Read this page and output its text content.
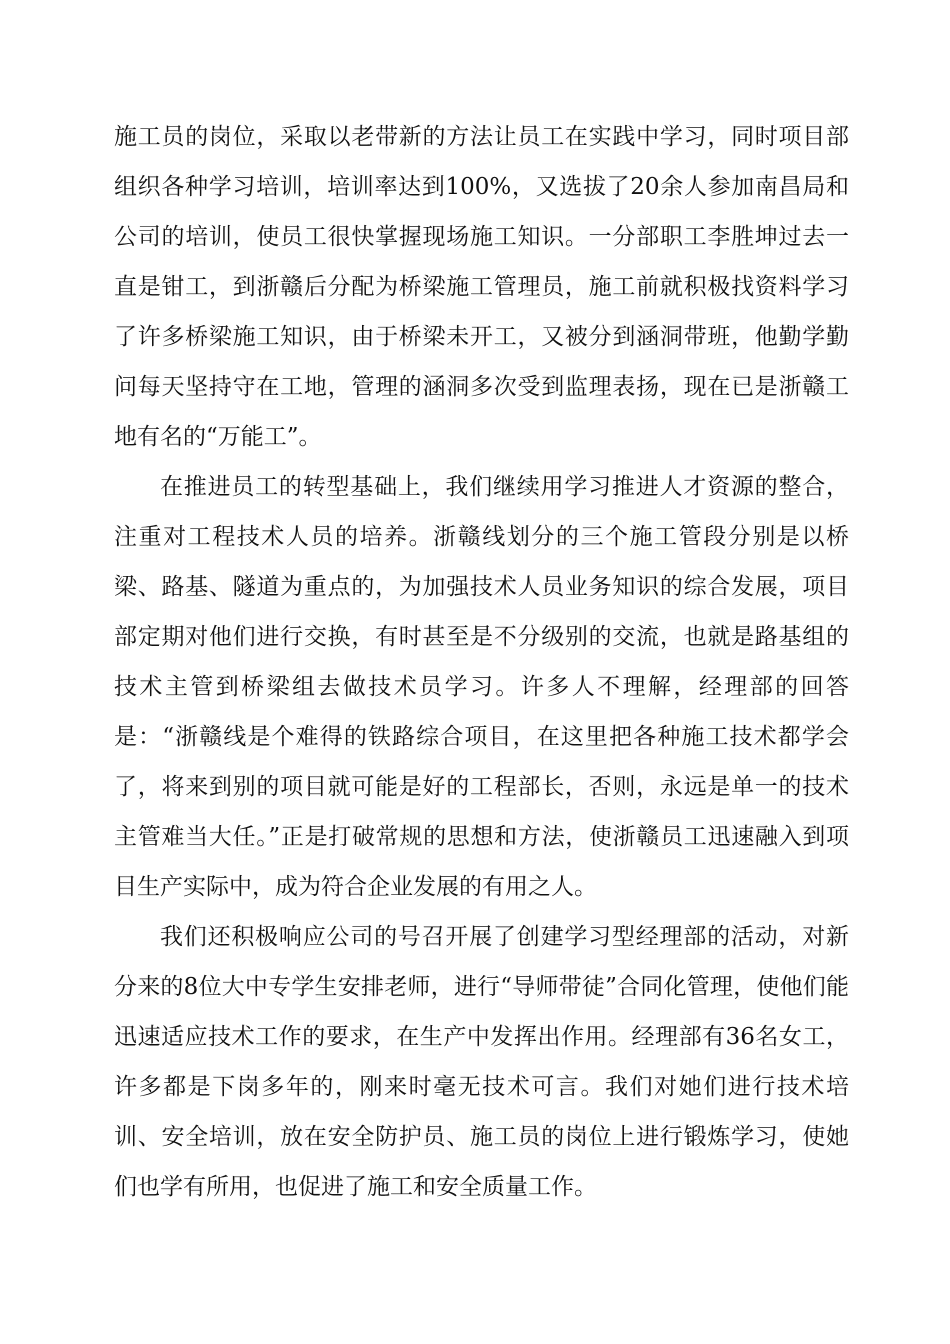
施工员的岗位，采取以老带新的方法让员工在实践中学习，同时项目部组织各种学习培训，培训率达到100%，又选拔了20余人参加南昌局和公司的培训，使员工很快掌握现场施工知识。一分部职工李胜坤过去一直是钳工，到浙赣后分配为桥梁施工管理员，施工前就积极找资料学习了许多桥梁施工知识，由于桥梁未开工，又被分到涵洞带班，他勤学勤问每天坚持守在工地，管理的涵洞多次受到监理表扬，现在已是浙赣工地有名的“万能工”。

在推进员工的转型基础上，我们继续用学习推进人才资源的整合，注重对工程技术人员的培养。浙赣线划分的三个施工管段分别是以桥梁、路基、隧道为重点的，为加强技术人员业务知识的综合发展，项目部定期对他们进行交换，有时甚至是不分级别的交流，也就是路基组的技术主管到桥梁组去做技术员学习。许多人不理解，经理部的回答是：“浙赣线是个难得的铁路综合项目，在这里把各种施工技术都学会了，将来到别的项目就可能是好的工程部长，否则，永远是单一的技术主管难当大任。”正是打破常规的思想和方法，使浙赣员工迅速融入到项目生产实际中，成为符合企业发展的有用之人。

我们还积极响应公司的号召开展了创建学习型经理部的活动，对新分来的8位大中专学生安排老师，进行“导师带徒”合同化管理，使他们能迅速适应技术工作的要求，在生产中发挥出作用。经理部有36名女工，许多都是下岗多年的，刚来时毫无技术可言。我们对她们进行技术培训、安全培训，放在安全防护员、施工员的岗位上进行锻炼学习，使她们也学有所用，也促进了施工和安全质量工作。
